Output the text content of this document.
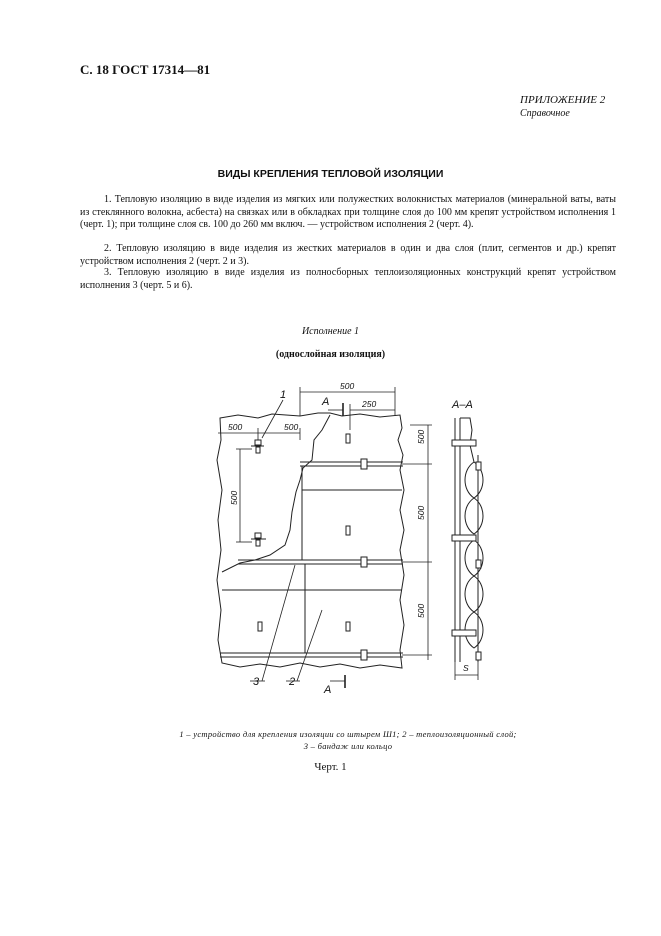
С. 18 ГОСТ 17314—81
ПРИЛОЖЕНИЕ 2
Справочное
ВИДЫ КРЕПЛЕНИЯ ТЕПЛОВОЙ ИЗОЛЯЦИИ
1. Тепловую изоляцию в виде изделия из мягких или полужестких волокнистых материалов (минеральной ваты, ваты из стеклянного волокна, асбеста) на связках или в обкладках при толщине слоя до 100 мм крепят устройством исполнения 1 (черт. 1); при толщине слоя св. 100 до 260 мм включ. — устройством исполнения 2 (черт. 4).
2. Тепловую изоляцию в виде изделия из жестких материалов в один и два слоя (плит, сегментов и др.) крепят устройством исполнения 2 (черт. 2 и 3).
3. Тепловую изоляцию в виде изделия из полносборных теплоизоляционных конструкций крепят устройством исполнения 3 (черт. 5 и 6).
Исполнение 1
(однослойная изоляция)
500
250
500	500
500
500
500
500
S
А
А
А–А
1
2
3
1 – устройство для крепления изоляции со штырем Ш1; 2 – теплоизоляционный слой;
3 – бандаж или кольцо
Черт. 1
